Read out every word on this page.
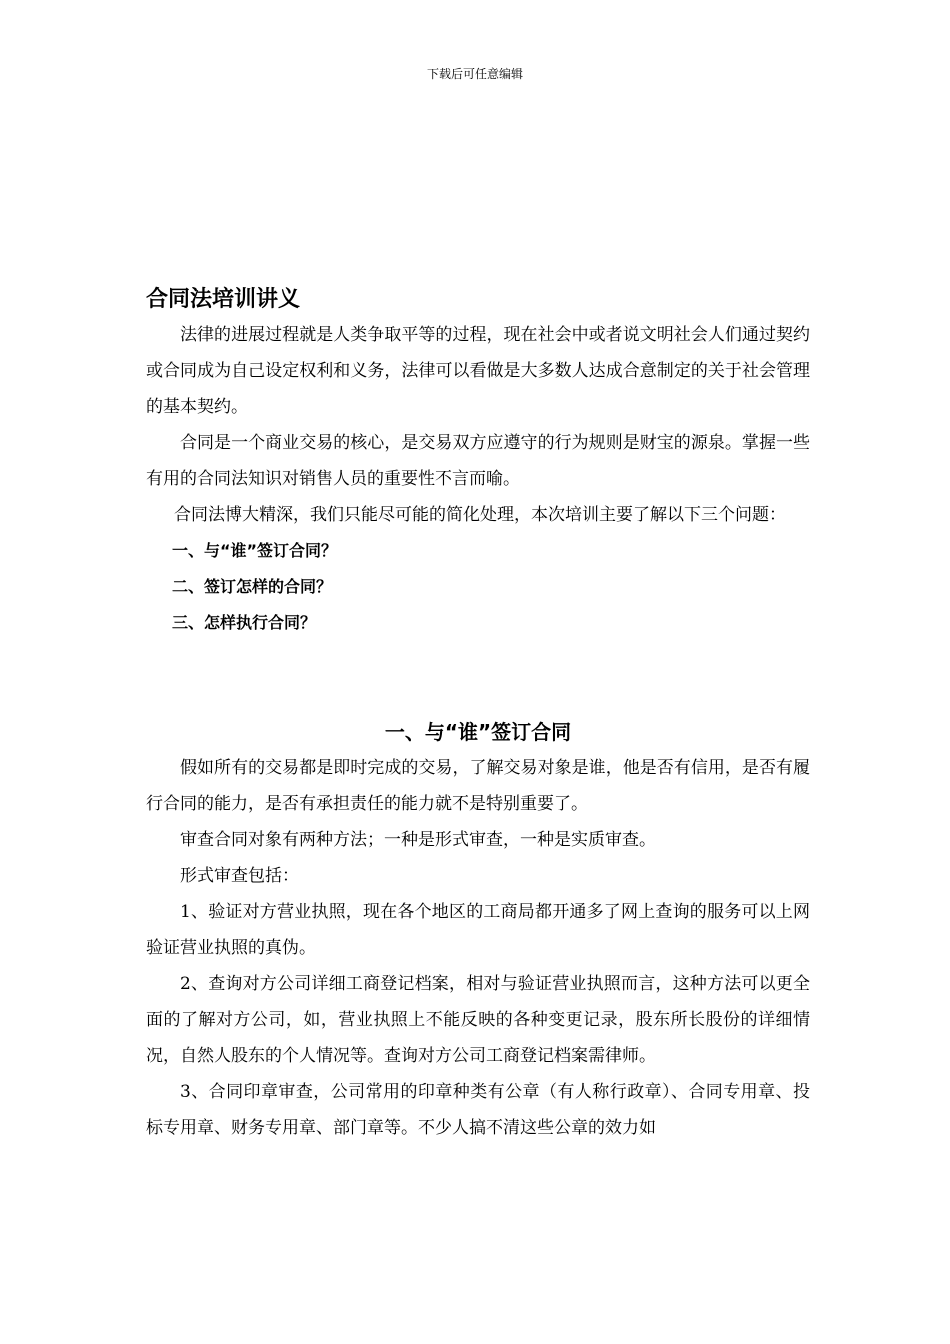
下载后可任意编辑
合同法培训讲义

法律的进展过程就是人类争取平等的过程，现在社会中或者说文明社会人们通过契约或合同成为自己设定权利和义务，法律可以看做是大多数人达成合意制定的关于社会管理的基本契约。

合同是一个商业交易的核心，是交易双方应遵守的行为规则是财宝的源泉。掌握一些有用的合同法知识对销售人员的重要性不言而喻。

合同法博大精深，我们只能尽可能的简化处理，本次培训主要了解以下三个问题：

一、与“谁”签订合同？

二、签订怎样的合同？

三、怎样执行合同？

一、与“谁”签订合同

假如所有的交易都是即时完成的交易，了解交易对象是谁，他是否有信用，是否有履行合同的能力，是否有承担责任的能力就不是特别重要了。

审查合同对象有两种方法；一种是形式审查，一种是实质审查。

形式审查包括：

1、验证对方营业执照，现在各个地区的工商局都开通多了网上查询的服务可以上网验证营业执照的真伪。

2、查询对方公司详细工商登记档案，相对与验证营业执照而言，这种方法可以更全面的了解对方公司，如，营业执照上不能反映的各种变更记录，股东所长股份的详细情况，自然人股东的个人情况等。查询对方公司工商登记档案需律师。

3、合同印章审查，公司常用的印章种类有公章（有人称行政章）、合同专用章、投标专用章、财务专用章、部门章等。不少人搞不清这些公章的效力如
